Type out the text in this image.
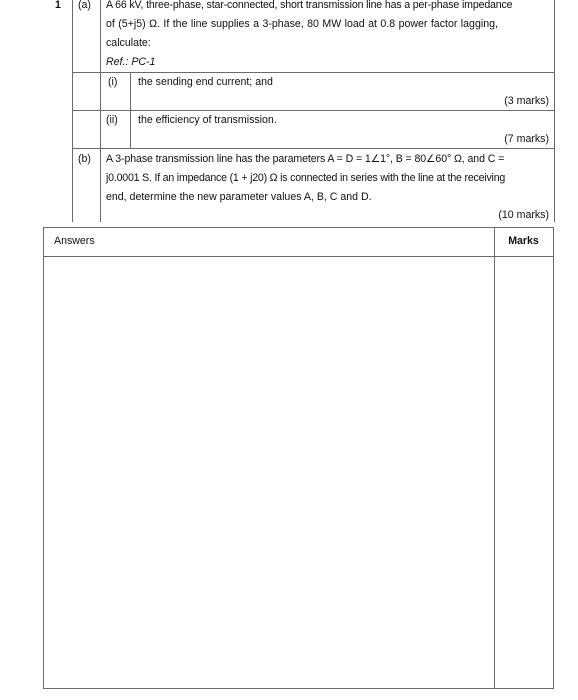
1 (a) A 66 kV, three-phase, star-connected, short transmission line has a per-phase impedance
of (5+j5) Ω. If the line supplies a 3-phase, 80 MW load at 0.8 power factor lagging,
calculate:
Ref.: PC-1
(i) the sending end current; and
(3 marks)
(ii) the efficiency of transmission.
(7 marks)
(b) A 3-phase transmission line has the parameters A = D = 1∠1°, B = 80∠60° Ω, and C =
j0.0001 S. If an impedance (1 + j20) Ω is connected in series with the line at the receiving
end, determine the new parameter values A, B, C and D.
(10 marks)
Answers	Marks
